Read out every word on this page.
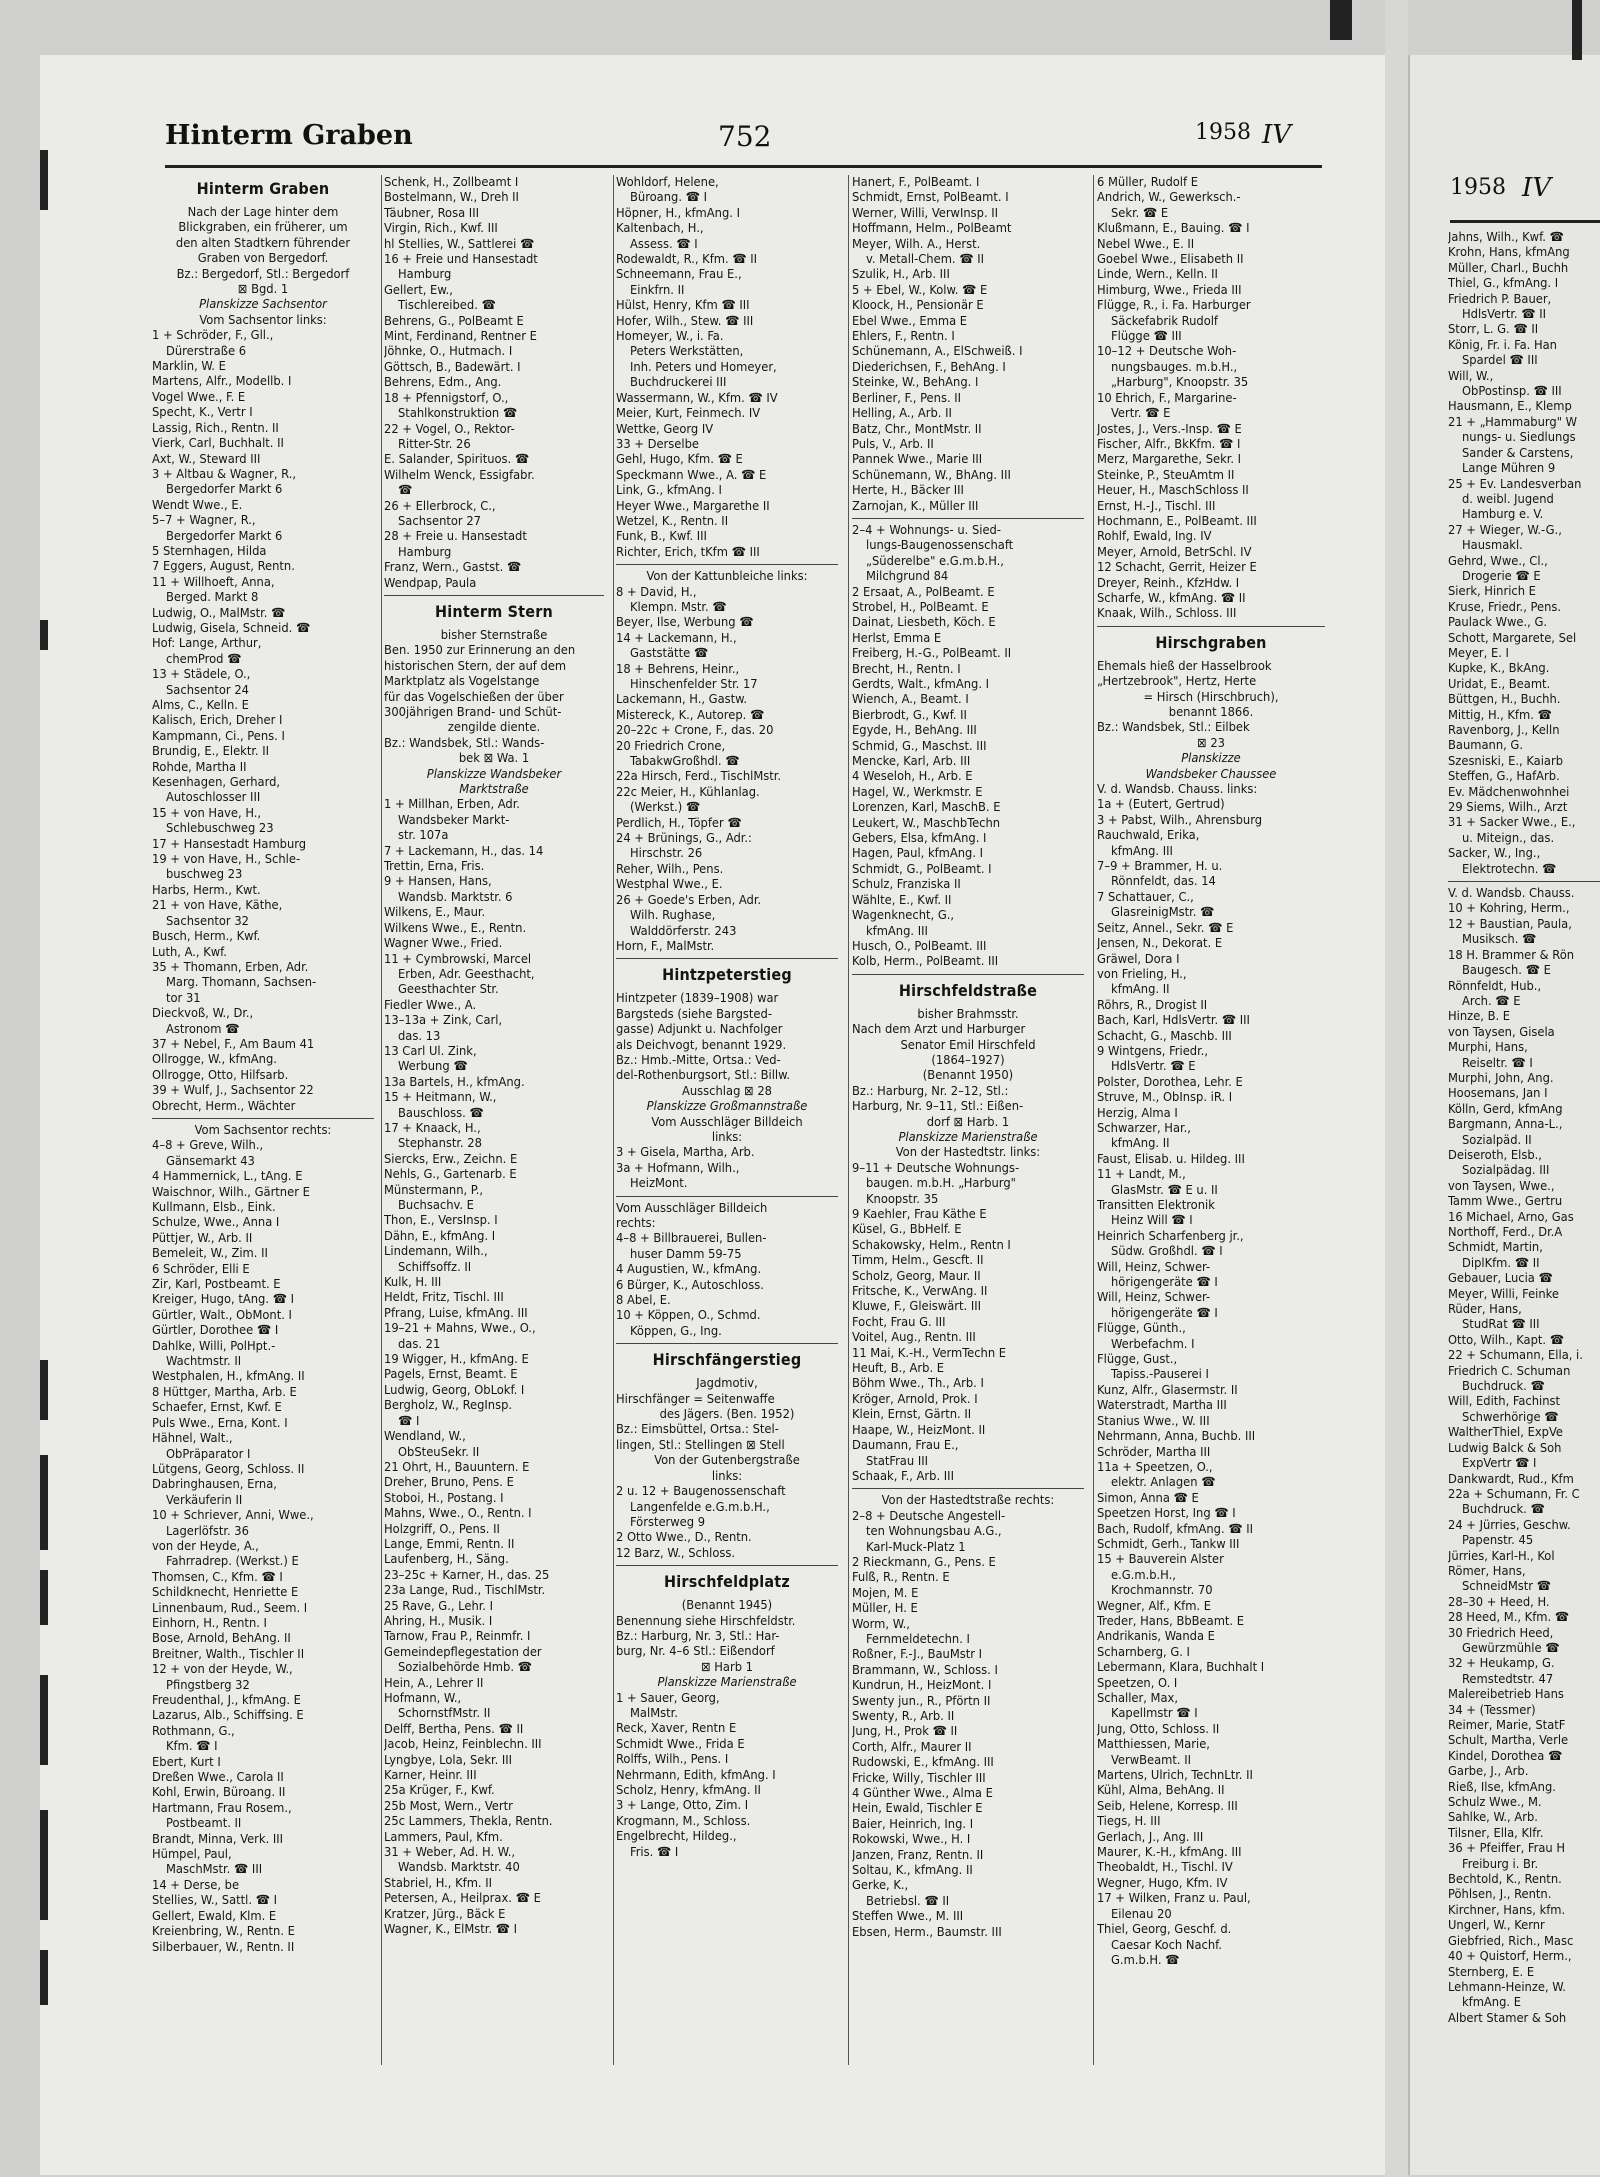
1958 IV
Jahns, Wilh., Kwf. ☎
Krohn, Hans, kfmAng
Müller, Charl., Buchh
Thiel, G., kfmAng. I
Friedrich P. Bauer,
HdlsVertr. ☎ II
Storr, L. G. ☎ II
König, Fr. i. Fa. Han
Spardel ☎ III
Will, W.,
ObPostinsp. ☎ III
Hausmann, E., Klemp
21 + „Hammaburg" W
nungs- u. Siedlungs
Sander & Carstens,
Lange Mühren 9
25 + Ev. Landesverban
d. weibl. Jugend
Hamburg e. V.
27 + Wieger, W.-G.,
Hausmakl.
Gehrd, Wwe., Cl.,
Drogerie ☎ E
Sierk, Hinrich E
Kruse, Friedr., Pens.
Paulack Wwe., G.
Schott, Margarete, Sel
Meyer, E. I
Kupke, K., BkAng.
Uridat, E., Beamt.
Büttgen, H., Buchh.
Mittig, H., Kfm. ☎
Ravenborg, J., Kelln
Baumann, G.
Szesniski, E., Kaiarb
Steffen, G., HafArb.
Ev. Mädchenwohnhei
29 Siems, Wilh., Arzt
31 + Sacker Wwe., E.,
u. Miteign., das.
Sacker, W., Ing.,
Elektrotechn. ☎
V. d. Wandsb. Chauss.
10 + Kohring, Herm.,
12 + Baustian, Paula,
Musiksch. ☎
18 H. Brammer & Rön
Baugesch. ☎ E
Rönnfeldt, Hub.,
Arch. ☎ E
Hinze, B. E
von Taysen, Gisela
Murphi, Hans,
Reiseltr. ☎ I
Murphi, John, Ang.
Hoosemans, Jan I
Kölln, Gerd, kfmAng
Bargmann, Anna-L.,
Sozialpäd. II
Deiseroth, Elsb.,
Sozialpädag. III
von Taysen, Wwe.,
Tamm Wwe., Gertru
16 Michael, Arno, Gas
Northoff, Ferd., Dr.A
Schmidt, Martin,
DiplKfm. ☎ II
Gebauer, Lucia ☎
Meyer, Willi, Feinke
Rüder, Hans,
StudRat ☎ III
Otto, Wilh., Kapt. ☎
22 + Schumann, Ella, i.
Friedrich C. Schuman
Buchdruck. ☎
Will, Edith, Fachinst
Schwerhörige ☎
WaltherThiel, ExpVe
Ludwig Balck & Soh
ExpVertr ☎ I
Dankwardt, Rud., Kfm
22a + Schumann, Fr. C
Buchdruck. ☎
24 + Jürries, Geschw.
Papenstr. 45
Jürries, Karl-H., Kol
Römer, Hans,
SchneidMstr ☎
28–30 + Heed, H.
28 Heed, M., Kfm. ☎
30 Friedrich Heed,
Gewürzmühle ☎
32 + Heukamp, G.
Remstedtstr. 47
Malereibetrieb Hans
34 + (Tessmer)
Reimer, Marie, StatF
Schult, Martha, Verle
Kindel, Dorothea ☎
Garbe, J., Arb.
Rieß, Ilse, kfmAng.
Schulz Wwe., M.
Sahlke, W., Arb.
Tilsner, Ella, Klfr.
36 + Pfeiffer, Frau H
Freiburg i. Br.
Bechtold, K., Rentn.
Pöhlsen, J., Rentn.
Kirchner, Hans, kfm.
Ungerl, W., Kernr
Giebfried, Rich., Masc
40 + Quistorf, Herm.,
Sternberg, E. E
Lehmann-Heinze, W.
kfmAng. E
Albert Stamer & Soh
Hinterm Graben	752	1958 IV
Hinterm Graben
Nach der Lage hinter dem
Blickgraben, ein früherer, um
den alten Stadtkern führender
Graben von Bergedorf.
Bz.: Bergedorf, Stl.: Bergedorf
⊠ Bgd. 1
Planskizze Sachsentor
Vom Sachsentor links:
1 + Schröder, F., Gll.,
Dürerstraße 6
Marklin, W. E
Martens, Alfr., Modellb. I
Vogel Wwe., F. E
Specht, K., Vertr I
Lassig, Rich., Rentn. II
Vierk, Carl, Buchhalt. II
Axt, W., Steward III
3 + Altbau & Wagner, R.,
Bergedorfer Markt 6
Wendt Wwe., E.
5–7 + Wagner, R.,
Bergedorfer Markt 6
5 Sternhagen, Hilda
7 Eggers, August, Rentn.
11 + Willhoeft, Anna,
Berged. Markt 8
Ludwig, O., MalMstr. ☎
Ludwig, Gisela, Schneid. ☎
Hof: Lange, Arthur,
chemProd ☎
13 + Städele, O.,
Sachsentor 24
Alms, C., Kelln. E
Kalisch, Erich, Dreher I
Kampmann, Ci., Pens. I
Brundig, E., Elektr. II
Rohde, Martha II
Kesenhagen, Gerhard,
Autoschlosser III
15 + von Have, H.,
Schlebuschweg 23
17 + Hansestadt Hamburg
19 + von Have, H., Schle-
buschweg 23
Harbs, Herm., Kwt.
21 + von Have, Käthe,
Sachsentor 32
Busch, Herm., Kwf.
Luth, A., Kwf.
35 + Thomann, Erben, Adr.
Marg. Thomann, Sachsen-
tor 31
Dieckvoß, W., Dr.,
Astronom ☎
37 + Nebel, F., Am Baum 41
Ollrogge, W., kfmAng.
Ollrogge, Otto, Hilfsarb.
39 + Wulf, J., Sachsentor 22
Obrecht, Herm., Wächter
Vom Sachsentor rechts:
4–8 + Greve, Wilh.,
Gänsemarkt 43
4 Hammernick, L., tAng. E
Waischnor, Wilh., Gärtner E
Kullmann, Elsb., Eink.
Schulze, Wwe., Anna I
Püttjer, W., Arb. II
Bemeleit, W., Zim. II
6 Schröder, Elli E
Zir, Karl, Postbeamt. E
Kreiger, Hugo, tAng. ☎ I
Gürtler, Walt., ObMont. I
Gürtler, Dorothee ☎ I
Dahlke, Willi, PolHpt.-
Wachtmstr. II
Westphalen, H., kfmAng. II
8 Hüttger, Martha, Arb. E
Schaefer, Ernst, Kwf. E
Puls Wwe., Erna, Kont. I
Hähnel, Walt.,
ObPräparator I
Lütgens, Georg, Schloss. II
Dabringhausen, Erna,
Verkäuferin II
10 + Schriever, Anni, Wwe.,
Lagerlöfstr. 36
von der Heyde, A.,
Fahrradrep. (Werkst.) E
Thomsen, C., Kfm. ☎ I
Schildknecht, Henriette E
Linnenbaum, Rud., Seem. I
Einhorn, H., Rentn. I
Bose, Arnold, BehAng. II
Breitner, Walth., Tischler II
12 + von der Heyde, W.,
Pfingstberg 32
Freudenthal, J., kfmAng. E
Lazarus, Alb., Schiffsing. E
Rothmann, G.,
Kfm. ☎ I
Ebert, Kurt I
Dreßen Wwe., Carola II
Kohl, Erwin, Büroang. II
Hartmann, Frau Rosem.,
Postbeamt. II
Brandt, Minna, Verk. III
Hümpel, Paul,
MaschMstr. ☎ III
14 + Derse, be
Stellies, W., Sattl. ☎ I
Gellert, Ewald, Klm. E
Kreienbring, W., Rentn. E
Silberbauer, W., Rentn. II
Schenk, H., Zollbeamt I
Bostelmann, W., Dreh II
Täubner, Rosa III
Virgin, Rich., Kwf. III
hl Stellies, W., Sattlerei ☎
16 + Freie und Hansestadt
Hamburg
Gellert, Ew.,
Tischlereibed. ☎
Behrens, G., PolBeamt E
Mint, Ferdinand, Rentner E
Jöhnke, O., Hutmach. I
Göttsch, B., Badewärt. I
Behrens, Edm., Ang.
18 + Pfennigstorf, O.,
Stahlkonstruktion ☎
22 + Vogel, O., Rektor-
Ritter-Str. 26
E. Salander, Spirituos. ☎
Wilhelm Wenck, Essigfabr.
☎
26 + Ellerbrock, C.,
Sachsentor 27
28 + Freie u. Hansestadt
Hamburg
Franz, Wern., Gastst. ☎
Wendpap, Paula
Hinterm Stern
bisher Sternstraße
Ben. 1950 zur Erinnerung an den
historischen Stern, der auf dem
Marktplatz als Vogelstange
für das Vogelschießen der über
300jährigen Brand- und Schüt-
zengilde diente.
Bz.: Wandsbek, Stl.: Wands-
bek ⊠ Wa. 1
Planskizze Wandsbeker
Marktstraße
1 + Millhan, Erben, Adr.
Wandsbeker Markt-
str. 107a
7 + Lackemann, H., das. 14
Trettin, Erna, Fris.
9 + Hansen, Hans,
Wandsb. Marktstr. 6
Wilkens, E., Maur.
Wilkens Wwe., E., Rentn.
Wagner Wwe., Fried.
11 + Cymbrowski, Marcel
Erben, Adr. Geesthacht,
Geesthachter Str.
Fiedler Wwe., A.
13–13a + Zink, Carl,
das. 13
13 Carl Ul. Zink,
Werbung ☎
13a Bartels, H., kfmAng.
15 + Heitmann, W.,
Bauschloss. ☎
17 + Knaack, H.,
Stephanstr. 28
Siercks, Erw., Zeichn. E
Nehls, G., Gartenarb. E
Münstermann, P.,
Buchsachv. E
Thon, E., VersInsp. I
Dähn, E., kfmAng. I
Lindemann, Wilh.,
Schiffsoffz. II
Kulk, H. III
Heldt, Fritz, Tischl. III
Pfrang, Luise, kfmAng. III
19–21 + Mahns, Wwe., O.,
das. 21
19 Wigger, H., kfmAng. E
Pagels, Ernst, Beamt. E
Ludwig, Georg, ObLokf. I
Bergholz, W., RegInsp.
☎ I
Wendland, W.,
ObSteuSekr. II
21 Ohrt, H., Bauuntern. E
Dreher, Bruno, Pens. E
Stoboi, H., Postang. I
Mahns, Wwe., O., Rentn. I
Holzgriff, O., Pens. II
Lange, Emmi, Rentn. II
Laufenberg, H., Säng.
23–25c + Karner, H., das. 25
23a Lange, Rud., TischlMstr.
25 Rave, G., Lehr. I
Ahring, H., Musik. I
Tarnow, Frau P., Reinmfr. I
Gemeindepflegestation der
Sozialbehörde Hmb. ☎
Hein, A., Lehrer II
Hofmann, W.,
SchornstfMstr. II
Delff, Bertha, Pens. ☎ II
Jacob, Heinz, Feinblechn. III
Lyngbye, Lola, Sekr. III
Karner, Heinr. III
25a Krüger, F., Kwf.
25b Most, Wern., Vertr
25c Lammers, Thekla, Rentn.
Lammers, Paul, Kfm.
31 + Weber, Ad. H. W.,
Wandsb. Marktstr. 40
Stabriel, H., Kfm. II
Petersen, A., Heilprax. ☎ E
Kratzer, Jürg., Bäck E
Wagner, K., ElMstr. ☎ I
Wohldorf, Helene,
Büroang. ☎ I
Höpner, H., kfmAng. I
Kaltenbach, H.,
Assess. ☎ I
Rodewaldt, R., Kfm. ☎ II
Schneemann, Frau E.,
Einkfrn. II
Hülst, Henry, Kfm ☎ III
Hofer, Wilh., Stew. ☎ III
Homeyer, W., i. Fa.
Peters Werkstätten,
Inh. Peters und Homeyer,
Buchdruckerei III
Wassermann, W., Kfm. ☎ IV
Meier, Kurt, Feinmech. IV
Wettke, Georg IV
33 + Derselbe
Gehl, Hugo, Kfm. ☎ E
Speckmann Wwe., A. ☎ E
Link, G., kfmAng. I
Heyer Wwe., Margarethe II
Wetzel, K., Rentn. II
Funk, B., Kwf. III
Richter, Erich, tKfm ☎ III
Von der Kattunbleiche links:
8 + David, H.,
Klempn. Mstr. ☎
Beyer, Ilse, Werbung ☎
14 + Lackemann, H.,
Gaststätte ☎
18 + Behrens, Heinr.,
Hinschenfelder Str. 17
Lackemann, H., Gastw.
Mistereck, K., Autorep. ☎
20–22c + Crone, F., das. 20
20 Friedrich Crone,
TabakwGroßhdl. ☎
22a Hirsch, Ferd., TischlMstr.
22c Meier, H., Kühlanlag.
(Werkst.) ☎
Perdlich, H., Töpfer ☎
24 + Brünings, G., Adr.:
Hirschstr. 26
Reher, Wilh., Pens.
Westphal Wwe., E.
26 + Goede's Erben, Adr.
Wilh. Rughase,
Walddörferstr. 243
Horn, F., MalMstr.
Hintzpeterstieg
Hintzpeter (1839–1908) war
Bargsteds (siehe Bargsted-
gasse) Adjunkt u. Nachfolger
als Deichvogt, benannt 1929.
Bz.: Hmb.-Mitte, Ortsa.: Ved-
del-Rothenburgsort, Stl.: Billw.
Ausschlag ⊠ 28
Planskizze Großmannstraße
Vom Ausschläger Billdeich
links:
3 + Gisela, Martha, Arb.
3a + Hofmann, Wilh.,
HeizMont.
Vom Ausschläger Billdeich
rechts:
4–8 + Billbrauerei, Bullen-
huser Damm 59-75
4 Augustien, W., kfmAng.
6 Bürger, K., Autoschloss.
8 Abel, E.
10 + Köppen, O., Schmd.
Köppen, G., Ing.
Hirschfängerstieg
Jagdmotiv,
Hirschfänger = Seitenwaffe
des Jägers. (Ben. 1952)
Bz.: Eimsbüttel, Ortsa.: Stel-
lingen, Stl.: Stellingen ⊠ Stell
Von der Gutenbergstraße
links:
2 u. 12 + Baugenossenschaft
Langenfelde e.G.m.b.H.,
Försterweg 9
2 Otto Wwe., D., Rentn.
12 Barz, W., Schloss.
Hirschfeldplatz
(Benannt 1945)
Benennung siehe Hirschfeldstr.
Bz.: Harburg, Nr. 3, Stl.: Har-
burg, Nr. 4–6 Stl.: Eißendorf
⊠ Harb 1
Planskizze Marienstraße
1 + Sauer, Georg,
MalMstr.
Reck, Xaver, Rentn E
Schmidt Wwe., Frida E
Rolffs, Wilh., Pens. I
Nehrmann, Edith, kfmAng. I
Scholz, Henry, kfmAng. II
3 + Lange, Otto, Zim. I
Krogmann, M., Schloss.
Engelbrecht, Hildeg.,
Fris. ☎ I
Hanert, F., PolBeamt. I
Schmidt, Ernst, PolBeamt. I
Werner, Willi, VerwInsp. II
Hoffmann, Helm., PolBeamt
Meyer, Wilh. A., Herst.
v. Metall-Chem. ☎ II
Szulik, H., Arb. III
5 + Ebel, W., Kolw. ☎ E
Kloock, H., Pensionär E
Ebel Wwe., Emma E
Ehlers, F., Rentn. I
Schünemann, A., ElSchweiß. I
Diederichsen, F., BehAng. I
Steinke, W., BehAng. I
Berliner, F., Pens. II
Helling, A., Arb. II
Batz, Chr., MontMstr. II
Puls, V., Arb. II
Pannek Wwe., Marie III
Schünemann, W., BhAng. III
Herte, H., Bäcker III
Zarnojan, K., Müller III
2–4 + Wohnungs- u. Sied-
lungs-Baugenossenschaft
„Süderelbe" e.G.m.b.H.,
Milchgrund 84
2 Ersaat, A., PolBeamt. E
Strobel, H., PolBeamt. E
Dainat, Liesbeth, Köch. E
Herlst, Emma E
Freiberg, H.-G., PolBeamt. II
Brecht, H., Rentn. I
Gerdts, Walt., kfmAng. I
Wiench, A., Beamt. I
Bierbrodt, G., Kwf. II
Egyde, H., BehAng. III
Schmid, G., Maschst. III
Mencke, Karl, Arb. III
4 Weseloh, H., Arb. E
Hagel, W., Werkmstr. E
Lorenzen, Karl, MaschB. E
Leukert, W., MaschbTechn
Gebers, Elsa, kfmAng. I
Hagen, Paul, kfmAng. I
Schmidt, G., PolBeamt. I
Schulz, Franziska II
Wählte, E., Kwf. II
Wagenknecht, G.,
kfmAng. III
Husch, O., PolBeamt. III
Kolb, Herm., PolBeamt. III
Hirschfeldstraße
bisher Brahmsstr.
Nach dem Arzt und Harburger
Senator Emil Hirschfeld
(1864–1927)
(Benannt 1950)
Bz.: Harburg, Nr. 2–12, Stl.:
Harburg, Nr. 9–11, Stl.: Eißen-
dorf ⊠ Harb. 1
Planskizze Marienstraße
Von der Hastedtstr. links:
9–11 + Deutsche Wohnungs-
baugen. m.b.H. „Harburg"
Knoopstr. 35
9 Kaehler, Frau Käthe E
Küsel, G., BbHelf. E
Schakowsky, Helm., Rentn I
Timm, Helm., Gescft. II
Scholz, Georg, Maur. II
Fritsche, K., VerwAng. II
Kluwe, F., Gleiswärt. III
Focht, Frau G. III
Voitel, Aug., Rentn. III
11 Mai, K.-H., VermTechn E
Heuft, B., Arb. E
Böhm Wwe., Th., Arb. I
Kröger, Arnold, Prok. I
Klein, Ernst, Gärtn. II
Haape, W., HeizMont. II
Daumann, Frau E.,
StatFrau III
Schaak, F., Arb. III
Von der Hastedtstraße rechts:
2–8 + Deutsche Angestell-
ten Wohnungsbau A.G.,
Karl-Muck-Platz 1
2 Rieckmann, G., Pens. E
Fulß, R., Rentn. E
Mojen, M. E
Müller, H. E
Worm, W.,
Fernmeldetechn. I
Roßner, F.-J., BauMstr I
Brammann, W., Schloss. I
Kundrun, H., HeizMont. I
Swenty jun., R., Pförtn II
Swenty, R., Arb. II
Jung, H., Prok ☎ II
Corth, Alfr., Maurer II
Rudowski, E., kfmAng. III
Fricke, Willy, Tischler III
4 Günther Wwe., Alma E
Hein, Ewald, Tischler E
Baier, Heinrich, Ing. I
Rokowski, Wwe., H. I
Janzen, Franz, Rentn. II
Soltau, K., kfmAng. II
Gerke, K.,
Betriebsl. ☎ II
Steffen Wwe., M. III
Ebsen, Herm., Baumstr. III
6 Müller, Rudolf E
Andrich, W., Gewerksch.-
Sekr. ☎ E
Klußmann, E., Bauing. ☎ I
Nebel Wwe., E. II
Goebel Wwe., Elisabeth II
Linde, Wern., Kelln. II
Himburg, Wwe., Frieda III
Flügge, R., i. Fa. Harburger
Säckefabrik Rudolf
Flügge ☎ III
10–12 + Deutsche Woh-
nungsbauges. m.b.H.,
„Harburg", Knoopstr. 35
10 Ehrich, F., Margarine-
Vertr. ☎ E
Jostes, J., Vers.-Insp. ☎ E
Fischer, Alfr., BkKfm. ☎ I
Merz, Margarethe, Sekr. I
Steinke, P., SteuAmtm II
Heuer, H., MaschSchloss II
Ernst, H.-J., Tischl. III
Hochmann, E., PolBeamt. III
Rohlf, Ewald, Ing. IV
Meyer, Arnold, BetrSchl. IV
12 Schacht, Gerrit, Heizer E
Dreyer, Reinh., KfzHdw. I
Scharfe, W., kfmAng. ☎ II
Knaak, Wilh., Schloss. III
Hirschgraben
Ehemals hieß der Hasselbrook
„Hertzebrook", Hertz, Herte
= Hirsch (Hirschbruch),
benannt 1866.
Bz.: Wandsbek, Stl.: Eilbek
⊠ 23
Planskizze
Wandsbeker Chaussee
V. d. Wandsb. Chauss. links:
1a + (Eutert, Gertrud)
3 + Pabst, Wilh., Ahrensburg
Rauchwald, Erika,
kfmAng. III
7–9 + Brammer, H. u.
Rönnfeldt, das. 14
7 Schattauer, C.,
GlasreinigMstr. ☎
Seitz, Annel., Sekr. ☎ E
Jensen, N., Dekorat. E
Gräwel, Dora I
von Frieling, H.,
kfmAng. II
Röhrs, R., Drogist II
Bach, Karl, HdlsVertr. ☎ III
Schacht, G., Maschb. III
9 Wintgens, Friedr.,
HdlsVertr. ☎ E
Polster, Dorothea, Lehr. E
Struve, M., ObInsp. iR. I
Herzig, Alma I
Schwarzer, Har.,
kfmAng. II
Faust, Elisab. u. Hildeg. III
11 + Landt, M.,
GlasMstr. ☎ E u. II
Transitten Elektronik
Heinz Will ☎ I
Heinrich Scharfenberg jr.,
Südw. Großhdl. ☎ I
Will, Heinz, Schwer-
hörigengeräte ☎ I
Will, Heinz, Schwer-
hörigengeräte ☎ I
Flügge, Günth.,
Werbefachm. I
Flügge, Gust.,
Tapiss.-Pauserei I
Kunz, Alfr., Glasermstr. II
Waterstradt, Martha III
Stanius Wwe., W. III
Nehrmann, Anna, Buchb. III
Schröder, Martha III
11a + Speetzen, O.,
elektr. Anlagen ☎
Simon, Anna ☎ E
Speetzen Horst, Ing ☎ I
Bach, Rudolf, kfmAng. ☎ II
Schmidt, Gerh., Tankw III
15 + Bauverein Alster
e.G.m.b.H.,
Krochmannstr. 70
Wegner, Alf., Kfm. E
Treder, Hans, BbBeamt. E
Andrikanis, Wanda E
Scharnberg, G. I
Lebermann, Klara, Buchhalt I
Speetzen, O. I
Schaller, Max,
Kapellmstr ☎ I
Jung, Otto, Schloss. II
Matthiessen, Marie,
VerwBeamt. II
Martens, Ulrich, TechnLtr. II
Kühl, Alma, BehAng. II
Seib, Helene, Korresp. III
Tiegs, H. III
Gerlach, J., Ang. III
Maurer, K.-H., kfmAng. III
Theobaldt, H., Tischl. IV
Wegner, Hugo, Kfm. IV
17 + Wilken, Franz u. Paul,
Eilenau 20
Thiel, Georg, Geschf. d.
Caesar Koch Nachf.
G.m.b.H. ☎
